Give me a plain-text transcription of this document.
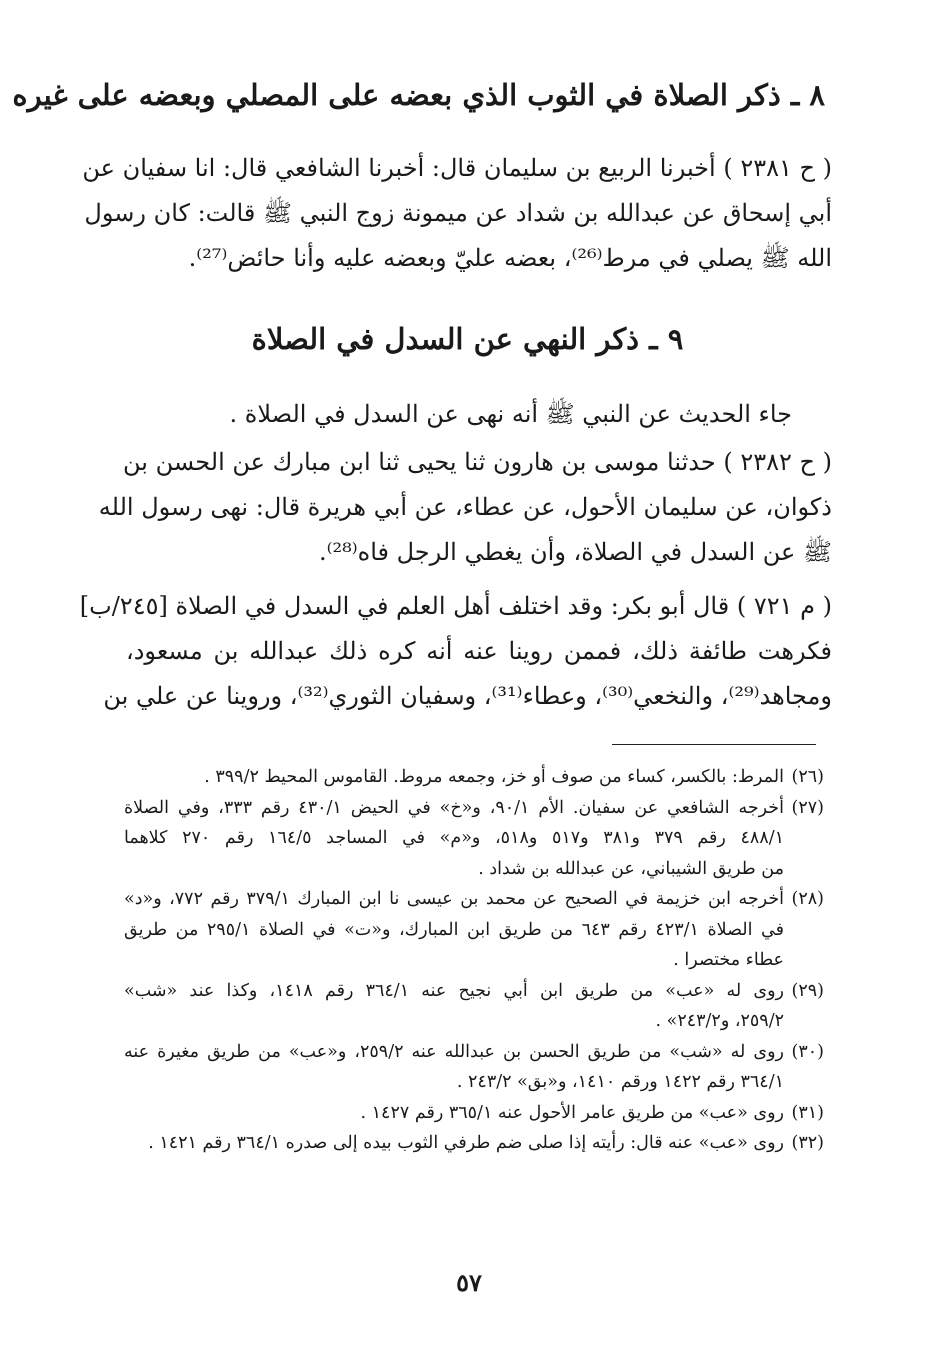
٨ ـ ذكر الصلاة في الثوب الذي بعضه على المصلي وبعضه على غيره
( ح ٢٣٨١ ) أخبرنا الربيع بن سليمان قال: أخبرنا الشافعي قال: انا سفيان عن
أبي إسحاق عن عبدالله بن شداد عن ميمونة زوج النبي ﷺ قالت: كان رسول
الله ﷺ يصلي في مرط⁽²⁶⁾، بعضه عليّ وبعضه عليه وأنا حائض⁽²⁷⁾.
٩ ـ ذكر النهي عن السدل في الصلاة
جاء الحديث عن النبي ﷺ أنه نهى عن السدل في الصلاة .
( ح ٢٣٨٢ ) حدثنا موسى بن هارون ثنا يحيى ثنا ابن مبارك عن الحسن بن
ذكوان، عن سليمان الأحول، عن عطاء، عن أبي هريرة قال: نهى رسول الله
ﷺ عن السدل في الصلاة، وأن يغطي الرجل فاه⁽²⁸⁾.
( م ٧٢١ ) قال أبو بكر: وقد اختلف أهل العلم في السدل في الصلاة [٢٤٥/ب]
فكرهت طائفة ذلك، فممن روينا عنه أنه كره ذلك عبدالله بن مسعود،
ومجاهد⁽²⁹⁾، والنخعي⁽³⁰⁾، وعطاء⁽³¹⁾، وسفيان الثوري⁽³²⁾، وروينا عن علي بن
(٢٦)
المرط: بالكسر، كساء من صوف أو خز، وجمعه مروط. القاموس المحيط ٣٩٩/٢ .
(٢٧)
أخرجه الشافعي عن سفيان. الأم ٩٠/١، و«خ» في الحيض ٤٣٠/١ رقم ٣٣٣، وفي الصلاة
٤٨٨/١ رقم ٣٧٩ و٣٨١ و٥١٧ و٥١٨، و«م» في المساجد ١٦٤/٥ رقم ٢٧٠ كلاهما
من طريق الشيباني، عن عبدالله بن شداد .
(٢٨)
أخرجه ابن خزيمة في الصحيح عن محمد بن عيسى نا ابن المبارك ٣٧٩/١ رقم ٧٧٢، و«د»
في الصلاة ٤٢٣/١ رقم ٦٤٣ من طريق ابن المبارك، و«ت» في الصلاة ٢٩٥/١ من طريق
عطاء مختصرا .
(٢٩)
روى له «عب» من طريق ابن أبي نجيح عنه ٣٦٤/١ رقم ١٤١٨، وكذا عند «شب»
٢٥٩/٢، و٢٤٣/٢» .
(٣٠)
روى له «شب» من طريق الحسن بن عبدالله عنه ٢٥٩/٢، و«عب» من طريق مغيرة عنه
٣٦٤/١ رقم ١٤٢٢ ورقم ١٤١٠، و«بق» ٢٤٣/٢ .
(٣١)
روى «عب» من طريق عامر الأحول عنه ٣٦٥/١ رقم ١٤٢٧ .
(٣٢)
روى «عب» عنه قال: رأيته إذا صلى ضم طرفي الثوب بيده إلى صدره ٣٦٤/١ رقم ١٤٢١ .
٥٧
